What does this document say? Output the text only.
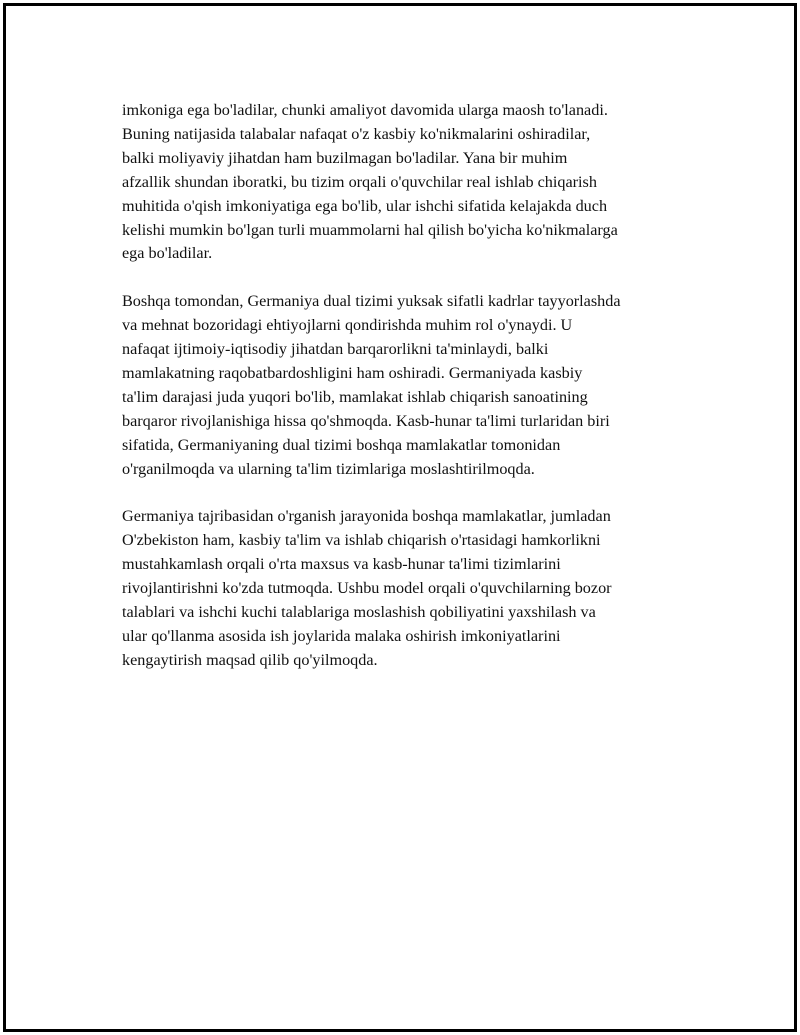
imkoniga ega bo'ladilar, chunki amaliyot davomida ularga maosh to'lanadi.
Buning natijasida talabalar nafaqat o'z kasbiy ko'nikmalarini oshiradilar,
balki moliyaviy jihatdan ham buzilmagan bo'ladilar. Yana bir muhim
afzallik shundan iboratki, bu tizim orqali o'quvchilar real ishlab chiqarish
muhitida o'qish imkoniyatiga ega bo'lib, ular ishchi sifatida kelajakda duch
kelishi mumkin bo'lgan turli muammolarni hal qilish bo'yicha ko'nikmalarga
ega bo'ladilar.

Boshqa tomondan, Germaniya dual tizimi yuksak sifatli kadrlar tayyorlashda
va mehnat bozoridagi ehtiyojlarni qondirishda muhim rol o'ynaydi. U
nafaqat ijtimoiy-iqtisodiy jihatdan barqarorlikni ta'minlaydi, balki
mamlakatning raqobatbardoshligini ham oshiradi. Germaniyada kasbiy
ta'lim darajasi juda yuqori bo'lib, mamlakat ishlab chiqarish sanoatining
barqaror rivojlanishiga hissa qo'shmoqda. Kasb-hunar ta'limi turlaridan biri
sifatida, Germaniyaning dual tizimi boshqa mamlakatlar tomonidan
o'rganilmoqda va ularning ta'lim tizimlariga moslashtirilmoqda.

Germaniya tajribasidan o'rganish jarayonida boshqa mamlakatlar, jumladan
O'zbekiston ham, kasbiy ta'lim va ishlab chiqarish o'rtasidagi hamkorlikni
mustahkamlash orqali o'rta maxsus va kasb-hunar ta'limi tizimlarini
rivojlantirishni ko'zda tutmoqda. Ushbu model orqali o'quvchilarning bozor
talablari va ishchi kuchi talablariga moslashish qobiliyatini yaxshilash va
ular qo'llanma asosida ish joylarida malaka oshirish imkoniyatlarini
kengaytirish maqsad qilib qo'yilmoqda.
